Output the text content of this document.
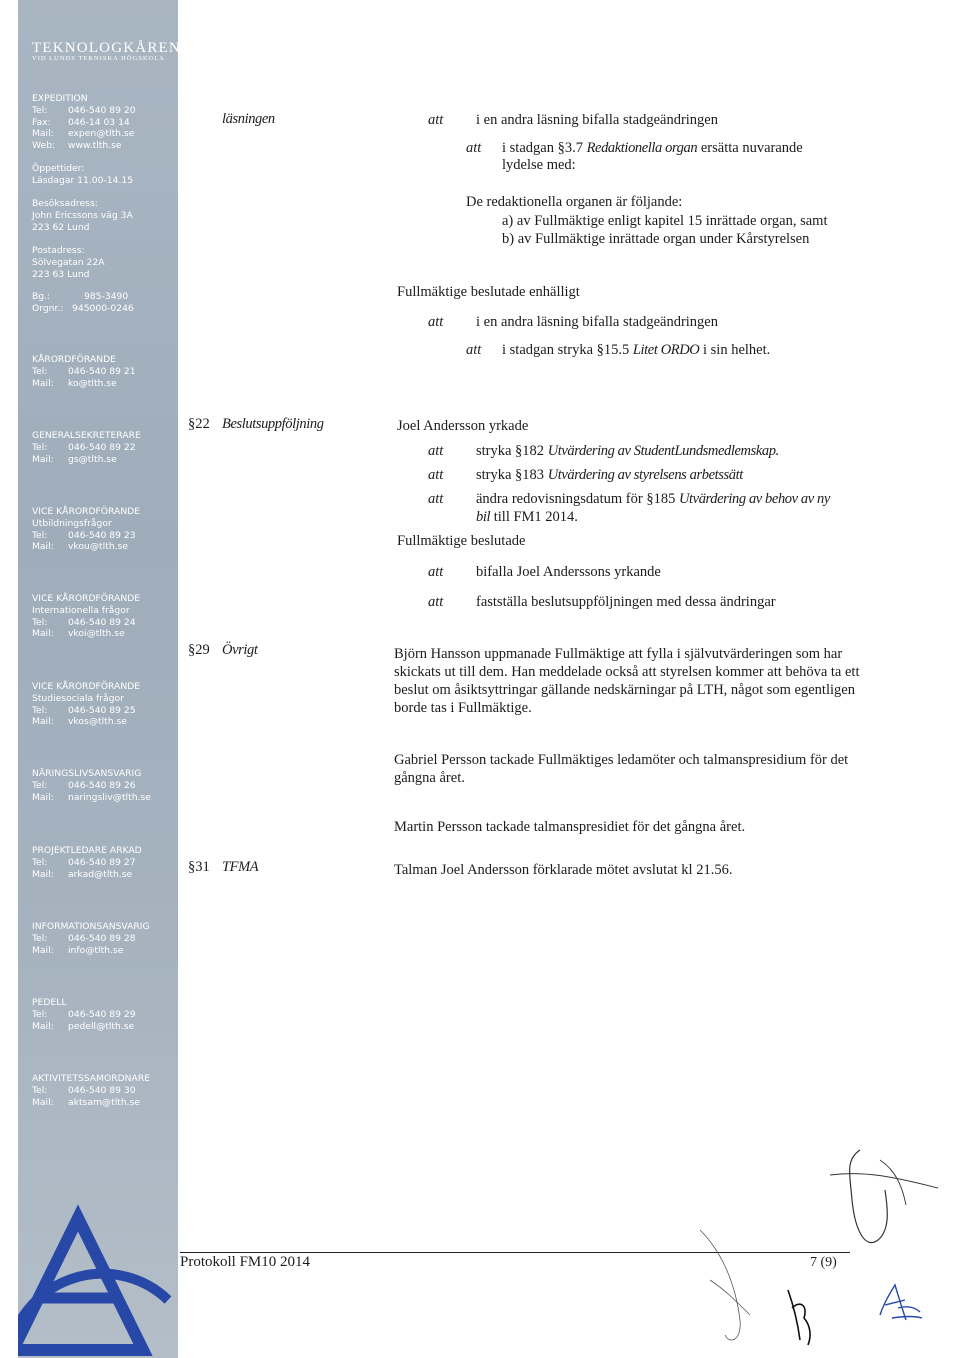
TEKNOLOGKÅREN
VID LUNDS TEKNISKA HÖGSKOLA
EXPEDITION
Tel:	046-540 89 20
Fax:	046-14 03 14
Mail:	expen@tlth.se
Web:	www.tlth.se
Öppettider:
Läsdagar 11.00-14.15
Besöksadress:
John Ericssons väg 3A
223 62 Lund
Postadress:
Sölvegatan 22A
223 63 Lund
Bg.:	985-3490
Orgnr.: 945000-0246
KÅRORDFÖRANDE
Tel:	046-540 89 21
Mail:	ko@tlth.se
GENERALSEKRETERARE
Tel:	046-540 89 22
Mail:	gs@tlth.se
VICE KÅRORDFÖRANDE
Utbildningsfrågor
Tel:	046-540 89 23
Mail:	vkou@tlth.se
VICE KÅRORDFÖRANDE
Internationella frågor
Tel:	046-540 89 24
Mail:	vkoi@tlth.se
VICE KÅRORDFÖRANDE
Studiesociala frågor
Tel:	046-540 89 25
Mail:	vkos@tlth.se
NÄRINGSLIVSANSVARIG
Tel:	046-540 89 26
Mail:	naringsliv@tlth.se
PROJEKTLEDARE ARKAD
Tel:	046-540 89 27
Mail:	arkad@tlth.se
INFORMATIONSANSVARIG
Tel:	046-540 89 28
Mail:	info@tlth.se
PEDELL
Tel:	046-540 89 29
Mail:	pedell@tlth.se
AKTIVITETSSAMORDNARE
Tel:	046-540 89 30
Mail:	aktsam@tlth.se
läsningen	att i en andra läsning bifalla stadgeändringen
att i stadgan §3.7 Redaktionella organ ersätta nuvarande
lydelse med:
De redaktionella organen är följande:
a) av Fullmäktige enligt kapitel 15 inrättade organ, samt
b) av Fullmäktige inrättade organ under Kårstyrelsen
Fullmäktige beslutade enhälligt
att i en andra läsning bifalla stadgeändringen
att i stadgan stryka §15.5 Litet ORDO i sin helhet.
§22 Beslutsuppföljning	Joel Andersson yrkade
att stryka §182 Utvärdering av StudentLundsmedlemskap.
att stryka §183 Utvärdering av styrelsens arbetssätt
att ändra redovisningsdatum för §185 Utvärdering av behov av ny
bil till FM1 2014.
Fullmäktige beslutade
att bifalla Joel Anderssons yrkande
att fastställa beslutsuppföljningen med dessa ändringar
§29 Övrigt	Björn Hansson uppmanade Fullmäktige att fylla i självutvärderingen som har skickats ut till dem. Han meddelade också att styrelsen kommer att behöva ta ett beslut om åsiktsyttringar gällande nedskärningar på LTH, något som egentligen borde tas i Fullmäktige.
Gabriel Persson tackade Fullmäktiges ledamöter och talmanspresidium för det gångna året.
Martin Persson tackade talmanspresidiet för det gångna året.
§31 TFMA	Talman Joel Andersson förklarade mötet avslutat kl 21.56.
Protokoll FM10 2014	7 (9)
